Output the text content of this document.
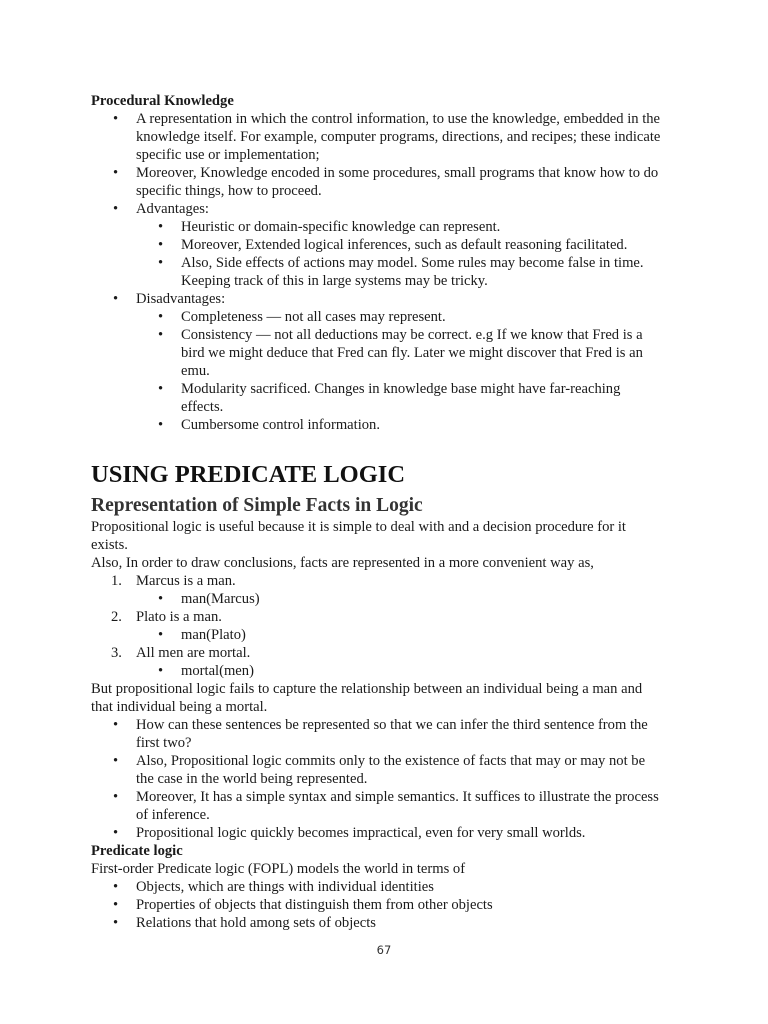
Procedural Knowledge
• A representation in which the control information, to use the knowledge, embedded in the
knowledge itself. For example, computer programs, directions, and recipes; these indicate
specific use or implementation;
• Moreover, Knowledge encoded in some procedures, small programs that know how to do
specific things, how to proceed.
• Advantages:
• Heuristic or domain-specific knowledge can represent.
• Moreover, Extended logical inferences, such as default reasoning facilitated.
• Also, Side effects of actions may model. Some rules may become false in time.
Keeping track of this in large systems may be tricky.
• Disadvantages:
• Completeness — not all cases may represent.
• Consistency — not all deductions may be correct. e.g If we know that Fred is a
bird we might deduce that Fred can fly. Later we might discover that Fred is an
emu.
• Modularity sacrificed. Changes in knowledge base might have far-reaching
effects.
• Cumbersome control information.
USING PREDICATE LOGIC
Representation of Simple Facts in Logic
Propositional logic is useful because it is simple to deal with and a decision procedure for it
exists.
Also, In order to draw conclusions, facts are represented in a more convenient way as,
1. Marcus is a man.
• man(Marcus)
2. Plato is a man.
• man(Plato)
3. All men are mortal.
• mortal(men)
But propositional logic fails to capture the relationship between an individual being a man and
that individual being a mortal.
• How can these sentences be represented so that we can infer the third sentence from the
first two?
• Also, Propositional logic commits only to the existence of facts that may or may not be
the case in the world being represented.
• Moreover, It has a simple syntax and simple semantics. It suffices to illustrate the process
of inference.
• Propositional logic quickly becomes impractical, even for very small worlds.
Predicate logic
First-order Predicate logic (FOPL) models the world in terms of
• Objects, which are things with individual identities
• Properties of objects that distinguish them from other objects
• Relations that hold among sets of objects
67
